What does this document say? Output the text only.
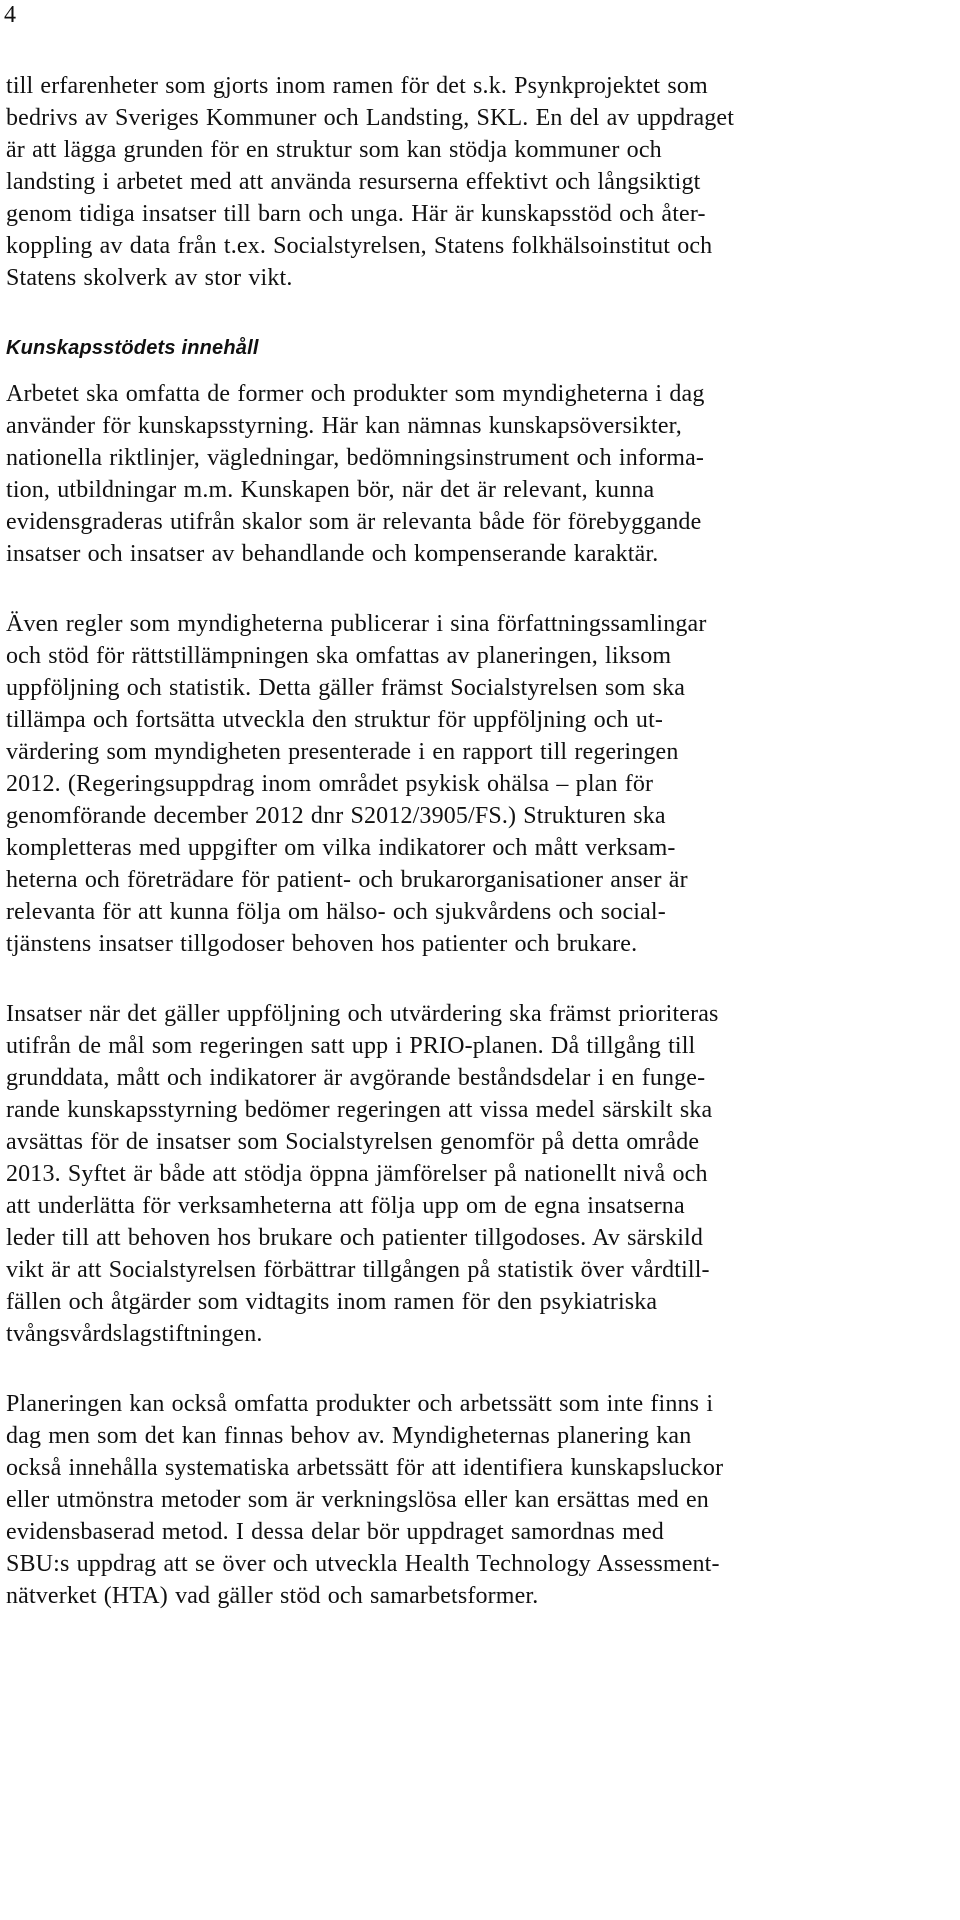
4

till erfarenheter som gjorts inom ramen för det s.k. Psynkprojektet som
bedrivs av Sveriges Kommuner och Landsting, SKL. En del av uppdraget
är att lägga grunden för en struktur som kan stödja kommuner och
landsting i arbetet med att använda resurserna effektivt och långsiktigt
genom tidiga insatser till barn och unga. Här är kunskapsstöd och åter-
koppling av data från t.ex. Socialstyrelsen, Statens folkhälsoinstitut och
Statens skolverk av stor vikt.

Kunskapsstödets innehåll

Arbetet ska omfatta de former och produkter som myndigheterna i dag
använder för kunskapsstyrning. Här kan nämnas kunskapsöversikter,
nationella riktlinjer, vägledningar, bedömningsinstrument och informa-
tion, utbildningar m.m. Kunskapen bör, när det är relevant, kunna
evidensgraderas utifrån skalor som är relevanta både för förebyggande
insatser och insatser av behandlande och kompenserande karaktär.

Även regler som myndigheterna publicerar i sina författningssamlingar
och stöd för rättstillämpningen ska omfattas av planeringen, liksom
uppföljning och statistik. Detta gäller främst Socialstyrelsen som ska
tillämpa och fortsätta utveckla den struktur för uppföljning och ut-
värdering som myndigheten presenterade i en rapport till regeringen
2012. (Regeringsuppdrag inom området psykisk ohälsa – plan för
genomförande december 2012 dnr S2012/3905/FS.) Strukturen ska
kompletteras med uppgifter om vilka indikatorer och mått verksam-
heterna och företrädare för patient- och brukarorganisationer anser är
relevanta för att kunna följa om hälso- och sjukvårdens och social-
tjänstens insatser tillgodoser behoven hos patienter och brukare.

Insatser när det gäller uppföljning och utvärdering ska främst prioriteras
utifrån de mål som regeringen satt upp i PRIO-planen. Då tillgång till
grunddata, mått och indikatorer är avgörande beståndsdelar i en funge-
rande kunskapsstyrning bedömer regeringen att vissa medel särskilt ska
avsättas för de insatser som Socialstyrelsen genomför på detta område
2013. Syftet är både att stödja öppna jämförelser på nationellt nivå och
att underlätta för verksamheterna att följa upp om de egna insatserna
leder till att behoven hos brukare och patienter tillgodoses. Av särskild
vikt är att Socialstyrelsen förbättrar tillgången på statistik över vårdtill-
fällen och åtgärder som vidtagits inom ramen för den psykiatriska
tvångsvårdslagstiftningen.

Planeringen kan också omfatta produkter och arbetssätt som inte finns i
dag men som det kan finnas behov av. Myndigheternas planering kan
också innehålla systematiska arbetssätt för att identifiera kunskapsluckor
eller utmönstra metoder som är verkningslösa eller kan ersättas med en
evidensbaserad metod. I dessa delar bör uppdraget samordnas med
SBU:s uppdrag att se över och utveckla Health Technology Assessment-
nätverket (HTA) vad gäller stöd och samarbetsformer.
